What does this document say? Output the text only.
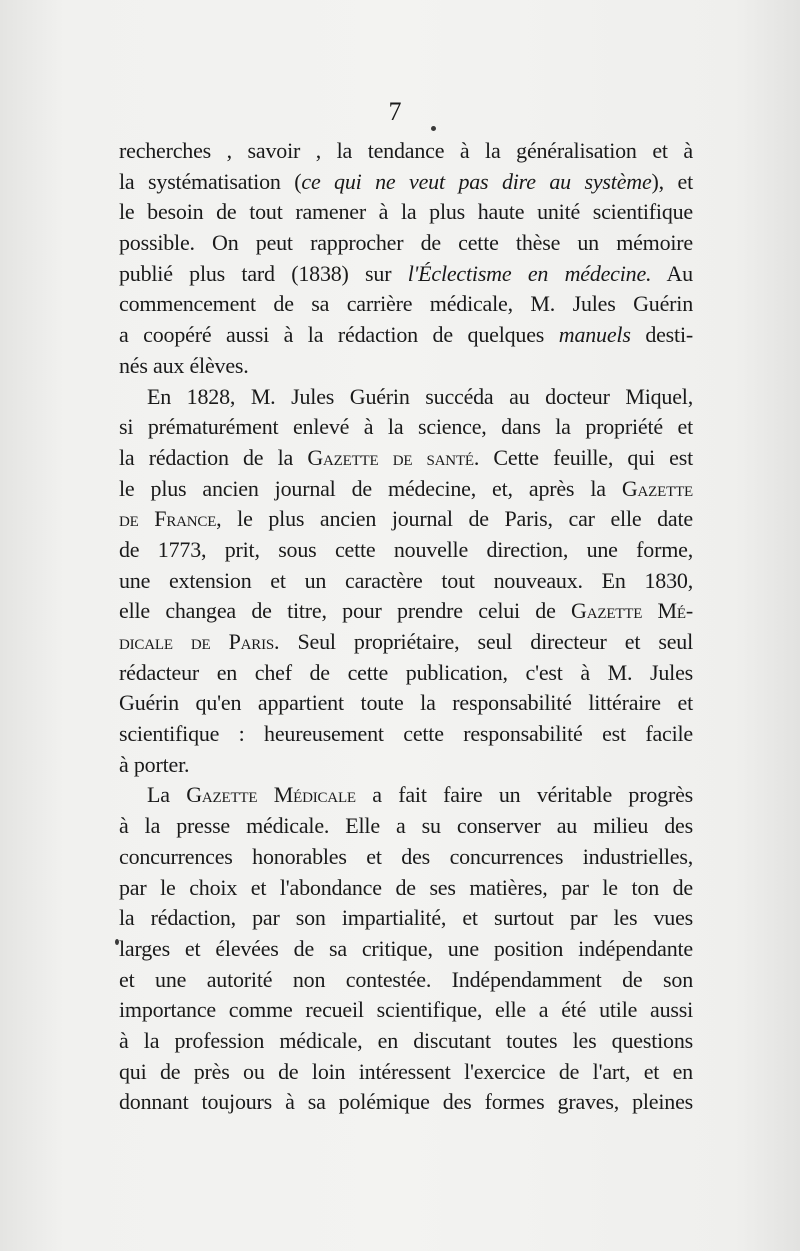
7
recherches , savoir , la tendance à la généralisation et à
la systématisation (ce qui ne veut pas dire au système), et
le besoin de tout ramener à la plus haute unité scientifique
possible. On peut rapprocher de cette thèse un mémoire
publié plus tard (1838) sur l'Éclectisme en médecine. Au
commencement de sa carrière médicale, M. Jules Guérin
a coopéré aussi à la rédaction de quelques manuels desti-
nés aux élèves.
En 1828, M. Jules Guérin succéda au docteur Miquel,
si prématurément enlevé à la science, dans la propriété et
la rédaction de la Gazette de santé. Cette feuille, qui est
le plus ancien journal de médecine, et, après la Gazette
de France, le plus ancien journal de Paris, car elle date
de 1773, prit, sous cette nouvelle direction, une forme,
une extension et un caractère tout nouveaux. En 1830,
elle changea de titre, pour prendre celui de Gazette Mé-
dicale de Paris. Seul propriétaire, seul directeur et seul
rédacteur en chef de cette publication, c'est à M. Jules
Guérin qu'en appartient toute la responsabilité littéraire et
scientifique : heureusement cette responsabilité est facile
à porter.
La Gazette Médicale a fait faire un véritable progrès
à la presse médicale. Elle a su conserver au milieu des
concurrences honorables et des concurrences industrielles,
par le choix et l'abondance de ses matières, par le ton de
la rédaction, par son impartialité, et surtout par les vues
larges et élevées de sa critique, une position indépendante
et une autorité non contestée. Indépendamment de son
importance comme recueil scientifique, elle a été utile aussi
à la profession médicale, en discutant toutes les questions
qui de près ou de loin intéressent l'exercice de l'art, et en
donnant toujours à sa polémique des formes graves, pleines
